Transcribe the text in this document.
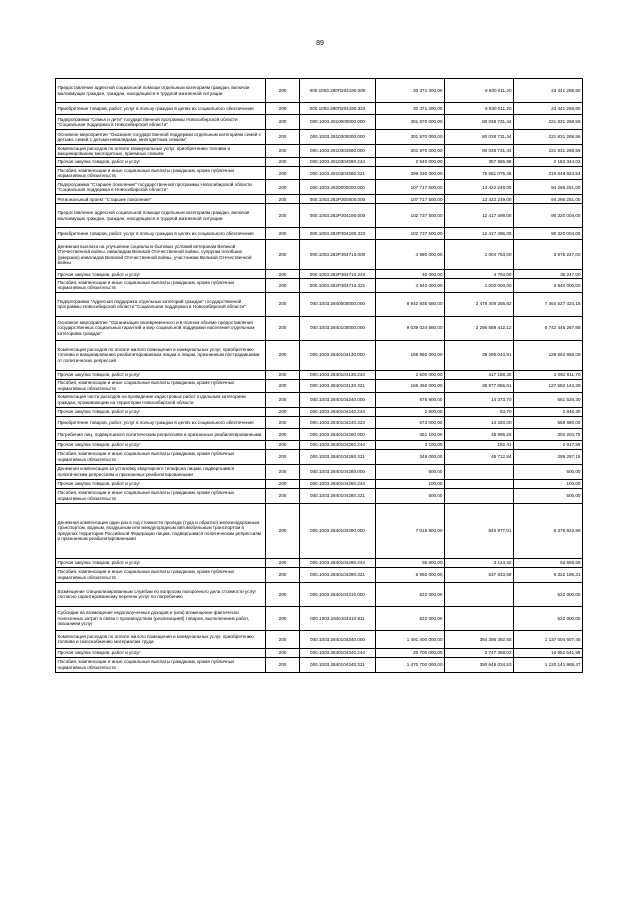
89
Предоставление адресной социальной помощи отдельным категориям граждан, включая малоимущих граждан, граждан, находящихся в трудной жизненной ситуации	200	000.1003.280П204190.000	30 371 300,00	6 930 011,20	23 441 288,80
Приобретение товаров, работ, услуг в пользу граждан в целях их социального обеспечения	200	000.1003.280П204190.323	30 371 300,00	6 930 011,20	23 441 288,80
Подпрограмма "Семья и дети" государственной программы Новосибирской области "Социальная поддержка в Новосибирской области"	200	000.1003.2810000000.000	301 870 000,00	80 038 731,44	221 831 268,56
Основное мероприятие "Оказание государственной поддержки отдельным категориям семей с детьми, семей с детьми-инвалидами, многодетным семьям"	200	000.1003.2810300000.000	301 870 000,00	80 038 731,44	221 831 268,56
Компенсация расходов по оплате коммунальных услуг, приобретению топлива и вакцинированию многодетных, приемных семьям	200	000.1003.2810304590.000	301 870 000,00	80 038 731,44	221 831 268,56
Прочая закупка товаров, работ и услуг	200	000.1003.2810304590.244	2 540 000,00	357 655,98	2 182 344,02
Пособия, компенсации и иные социальные выплаты гражданам, кроме публичных нормативных обязательств	200	000.1003.2810304590.321	299 330 000,00	79 681 075,46	219 648 924,54
Подпрограмма "Старшее поколение" государственной программы Новосибирской области "Социальная поддержка в Новосибирской области"	200	000.1003.2820000000.000	107 717 500,00	13 422 249,00	94 295 251,00
Региональный проект "Старшее поколение"	200	000.1003.282P300000.000	107 717 500,00	13 422 249,00	94 295 251,00
Предоставление адресной социальной помощи отдельным категориям граждан, включая малоимущих граждан, граждан, находящихся в трудной жизненной ситуации	200	000.1003.282P304190.000	102 737 500,00	12 417 496,00	90 320 004,00
Приобретение товаров, работ, услуг в пользу граждан в целях их социального обеспечения	200	000.1003.282P304190.323	102 737 500,00	12 417 496,00	90 320 004,00
Денежная выплата на улучшение социально-бытовых условий ветеранам Великой Отечественной войны, инвалидам Великой Отечественной войны, супругам погибших (умерших) инвалидов Великой Отечественной войны, участникам Великой Отечественной войны	200	000.1003.282P304710.000	4 980 000,00	1 004 753,00	3 975 247,00
Прочая закупка товаров, работ и услуг	200	000.1003.282P304710.244	40 000,00	4 753,00	35 247,00
Пособия, компенсации и иные социальные выплаты гражданам, кроме публичных нормативных обязательств	200	000.1003.282P304710.321	4 940 000,00	1 000 000,00	3 940 000,00
Подпрограмма "Адресная поддержка отдельных категорий граждан" государственной программы Новосибирской области "Социальная поддержка в Новосибирской области"	200	000.1003.2840000000.000	9 942 935 680,00	2 478 408 255,82	7 464 527 424,18
Основное мероприятие "Организация своевременного и в полном объеме предоставления государственных социальных гарантий и мер социальной поддержки населения отдельным категориям граждан"	200	000.1003.2840100000.000	9 039 034 680,00	2 296 589 412,12	6 742 445 267,88
Компенсация расходов по оплате жилого помещения и коммунальных услуг, приобретению топлива и вакцинированию реабилитированным лицам и лицам, признанным пострадавшими от политических репрессий	200	000.1003.2840104130.000	168 960 000,00	39 295 043,91	129 664 956,09
Прочая закупка товаров, работ и услуг	200	000.1003.2840104130.244	2 500 000,00	417 188,30	2 082 811,70
Пособия, компенсации и иные социальные выплаты гражданам, кроме публичных нормативных обязательств	200	000.1003.2840104130.321	166 460 000,00	38 877 855,61	127 582 144,39
Компенсация части расходов на проведение кадастровых работ отдельным категориям граждан, проживающим на территории Новосибирской области	200	000.1003.2840104240.000	575 900,00	14 373,70	561 526,30
Прочая закупка товаров, работ и услуг	200	000.1003.2840104240.244	2 900,00	53,70	2 846,30
Приобретение товаров, работ, услуг в пользу граждан в целях их социального обеспечения	200	000.1003.2840104240.323	573 000,00	14 320,00	558 680,00
Погребение лиц, подвергшихся политическим репрессиям и признанных реабилитированными	200	000.1003.2840104260.000	351 100,00	48 895,25	302 204,75
Прочая закупка товаров, работ и услуг	200	000.1003.2840104260.244	3 100,00	182,41	2 917,59
Пособия, компенсации и иные социальные выплаты гражданам, кроме публичных нормативных обязательств	200	000.1003.2840104260.321	348 000,00	48 712,84	299 287,16
Денежная компенсация за установку квартирного телефона лицам, подвергшимся политическим репрессиям и признанных реабилитированными	200	000.1003.2840104280.000	600,00		600,00
Прочая закупка товаров, работ и услуг	200	000.1003.2840104280.244	100,00		100,00
Пособия, компенсации и иные социальные выплаты гражданам, кроме публичных нормативных обязательств	200	000.1003.2840104280.321	500,00		500,00
Денежная компенсация один раз в год стоимости проезда (туда и обратно) железнодорожным транспортом, водным, воздушным или междугородным автомобильным транспортом в пределах территории Российской Федерации лицам, подвергшимся политическим репрессиям и признанным реабилитированными	200	000.1003.2840104290.000	7 016 800,00	640 977,01	6 375 822,99
Прочая закупка товаров, работ и услуг	200	000.1003.2840104290.244	56 800,00	3 143,32	53 656,68
Пособия, компенсации и иные социальные выплаты гражданам, кроме публичных нормативных обязательств	200	000.1003.2840104290.321	6 960 000,00	637 833,69	6 322 166,31
Возмещение специализированным службам по вопросам похоронного дела стоимости услуг согласно гарантированному перечню услуг по погребению	200	000.1003.2840104310.000	522 000,00		522 000,00
Субсидии на возмещение недополученных доходов и (или) возмещение фактически понесенных затрат в связи с производством (реализацией) товаров, выполнением работ, оказанием услуг	200	000.1003.2840104310.811	522 000,00		522 000,00
Компенсация расходов по оплате жилого помещения и коммунальных услуг, приобретению топлива и газоснабжению материалам труда	200	000.1003.2840104340.000	1 491 400 000,00	354 395 392,55	1 137 004 607,45
Прочая закупка товаров, работ и услуг	200	000.1003.2840104340.244	20 700 000,00	3 747 358,02	16 952 641,98
Пособия, компенсации и иные социальные выплаты гражданам, кроме публичных нормативных обязательств	200	000.1003.2840104340.321	1 470 700 000,00	350 648 034,53	1 120 141 965,47
